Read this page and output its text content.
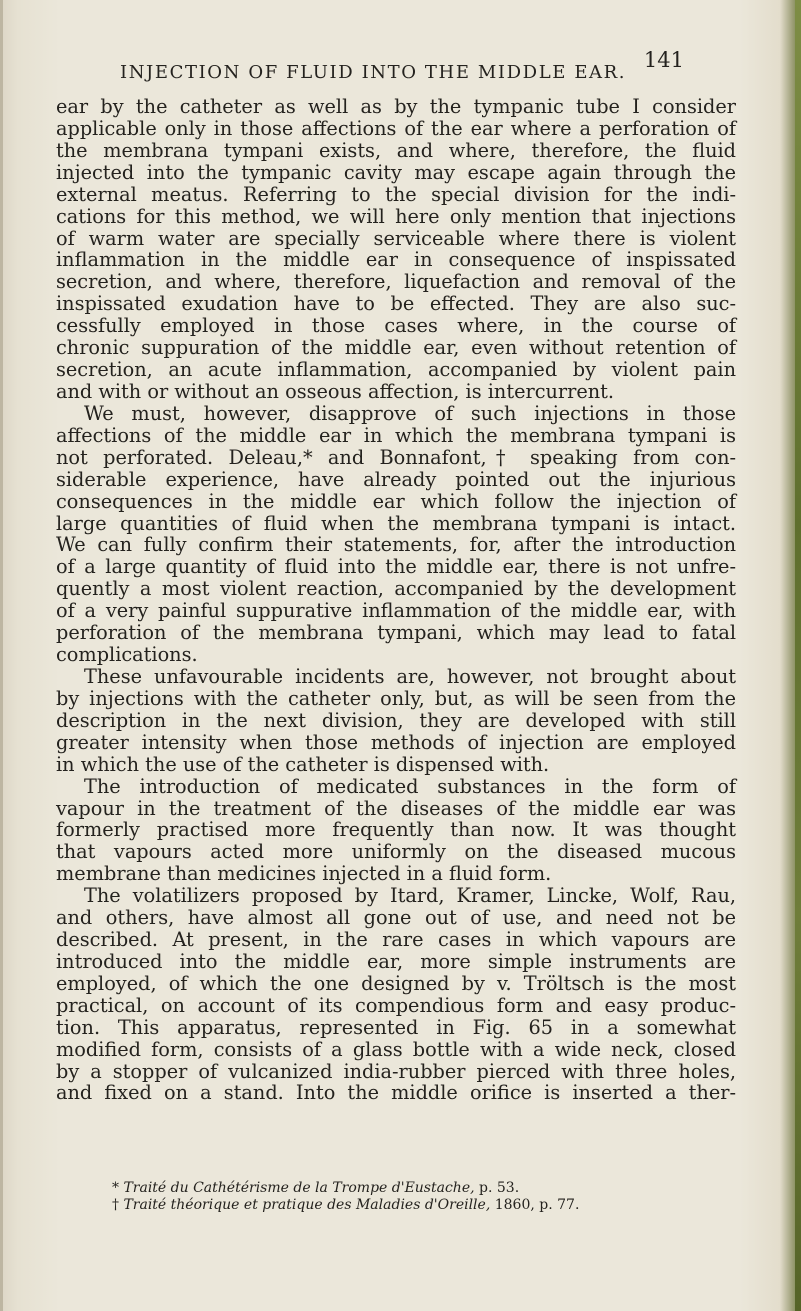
INJECTION OF FLUID INTO THE MIDDLE EAR.
141
ear by the catheter as well as by the tympanic tube I consider
applicable only in those affections of the ear where a perforation of
the membrana tympani exists, and where, therefore, the fluid
injected into the tympanic cavity may escape again through the
external meatus. Referring to the special division for the indi-
cations for this method, we will here only mention that injections
of warm water are specially serviceable where there is violent
inflammation in the middle ear in consequence of inspissated
secretion, and where, therefore, liquefaction and removal of the
inspissated exudation have to be effected. They are also suc-
cessfully employed in those cases where, in the course of
chronic suppuration of the middle ear, even without retention of
secretion, an acute inflammation, accompanied by violent pain
and with or without an osseous affection, is intercurrent.
We must, however, disapprove of such injections in those
affections of the middle ear in which the membrana tympani is
not perforated. Deleau,* and Bonnafont,† speaking from con-
siderable experience, have already pointed out the injurious
consequences in the middle ear which follow the injection of
large quantities of fluid when the membrana tympani is intact.
We can fully confirm their statements, for, after the introduction
of a large quantity of fluid into the middle ear, there is not unfre-
quently a most violent reaction, accompanied by the development
of a very painful suppurative inflammation of the middle ear, with
perforation of the membrana tympani, which may lead to fatal
complications.
These unfavourable incidents are, however, not brought about
by injections with the catheter only, but, as will be seen from the
description in the next division, they are developed with still
greater intensity when those methods of injection are employed
in which the use of the catheter is dispensed with.
The introduction of medicated substances in the form of
vapour in the treatment of the diseases of the middle ear was
formerly practised more frequently than now. It was thought
that vapours acted more uniformly on the diseased mucous
membrane than medicines injected in a fluid form.
The volatilizers proposed by Itard, Kramer, Lincke, Wolf, Rau,
and others, have almost all gone out of use, and need not be
described. At present, in the rare cases in which vapours are
introduced into the middle ear, more simple instruments are
employed, of which the one designed by v. Tröltsch is the most
practical, on account of its compendious form and easy produc-
tion. This apparatus, represented in Fig. 65 in a somewhat
modified form, consists of a glass bottle with a wide neck, closed
by a stopper of vulcanized india-rubber pierced with three holes,
and fixed on a stand. Into the middle orifice is inserted a ther-
* Traité du Cathétérisme de la Trompe d'Eustache, p. 53.
† Traité théorique et pratique des Maladies d'Oreille, 1860, p. 77.
